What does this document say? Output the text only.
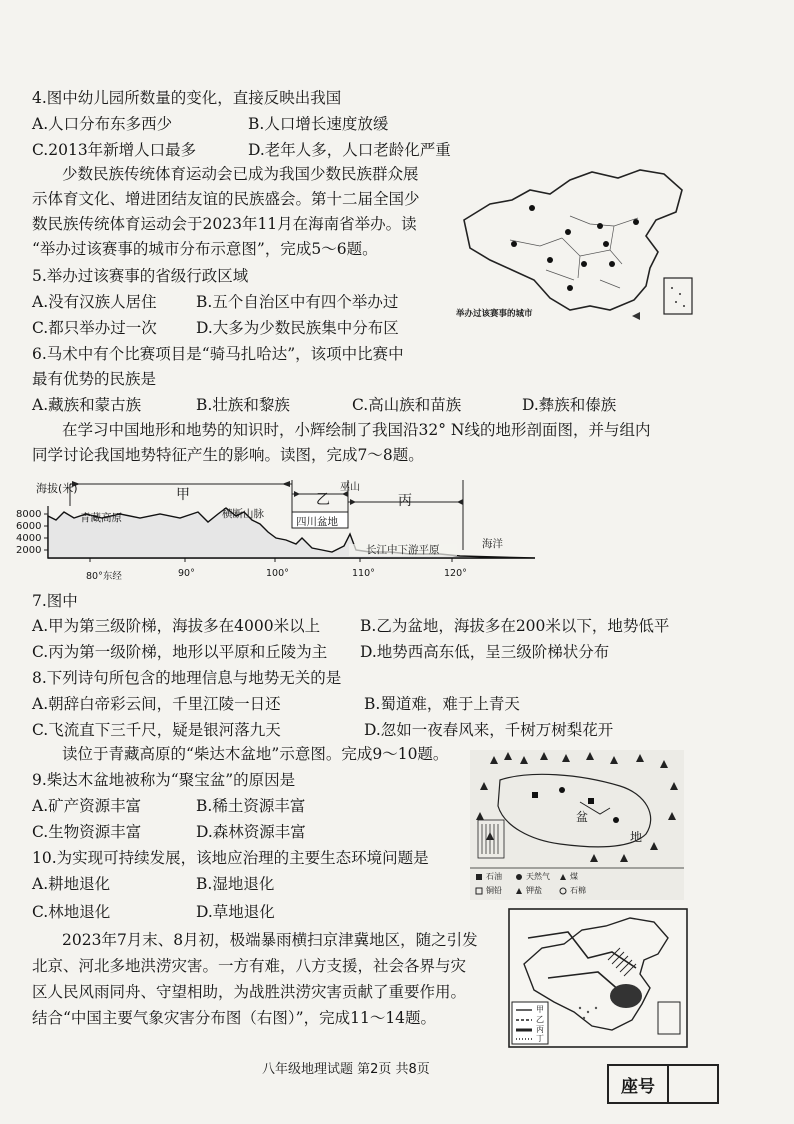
4.图中幼儿园所数量的变化，直接反映出我国
A.人口分布东多西少	B.人口增长速度放缓
C.2013年新增人口最多	D.老年人多，人口老龄化严重
少数民族传统体育运动会已成为我国少数民族群众展
示体育文化、增进团结友谊的民族盛会。第十二届全国少
数民族传统体育运动会于2023年11月在海南省举办。读
“举办过该赛事的城市分布示意图”，完成5～6题。
举办过该赛事的城市
5.举办过该赛事的省级行政区域
A.没有汉族人居住	B.五个自治区中有四个举办过
C.都只举办过一次	D.大多为少数民族集中分布区
6.马术中有个比赛项目是“骑马扎哈达”，该项中比赛中
最有优势的民族是
A.藏族和蒙古族	B.壮族和黎族	C.高山族和苗族	D.彝族和傣族
在学习中国地形和地势的知识时，小辉绘制了我国沿32° N线的地形剖面图，并与组内
同学讨论我国地势特征产生的影响。读图，完成7～8题。
海拔(米)
8000
6000
4000
2000
80°东经	90°	100°	110°	120°
甲	乙
巫山
丙
青藏高原	横断山脉
四川盆地
长江中下游平原	海洋
7.图中
A.甲为第三级阶梯，海拔多在4000米以上	B.乙为盆地，海拔多在200米以下，地势低平
C.丙为第一级阶梯，地形以平原和丘陵为主 D.地势西高东低，呈三级阶梯状分布
8.下列诗句所包含的地理信息与地势无关的是
A.朝辞白帝彩云间，千里江陵一日还	B.蜀道难，难于上青天
C.飞流直下三千尺，疑是银河落九天	D.忽如一夜春风来，千树万树梨花开
读位于青藏高原的“柴达木盆地”示意图。完成9～10题。
9.柴达木盆地被称为“聚宝盆”的原因是
A.矿产资源丰富	B.稀土资源丰富
C.生物资源丰富	D.森林资源丰富
盆
地
石油	天然气	煤
铜铅	钾盐	石棉
10.为实现可持续发展，该地应治理的主要生态环境问题是
A.耕地退化	B.湿地退化
C.林地退化	D.草地退化
2023年7月末、8月初，极端暴雨横扫京津冀地区，随之引发
北京、河北多地洪涝灾害。一方有难，八方支援，社会各界与灾
区人民风雨同舟、守望相助，为战胜洪涝灾害贡献了重要作用。
结合“中国主要气象灾害分布图（右图）”，完成11～14题。	甲
乙
丙
丁
八年级地理试题 第2页 共8页
座号
